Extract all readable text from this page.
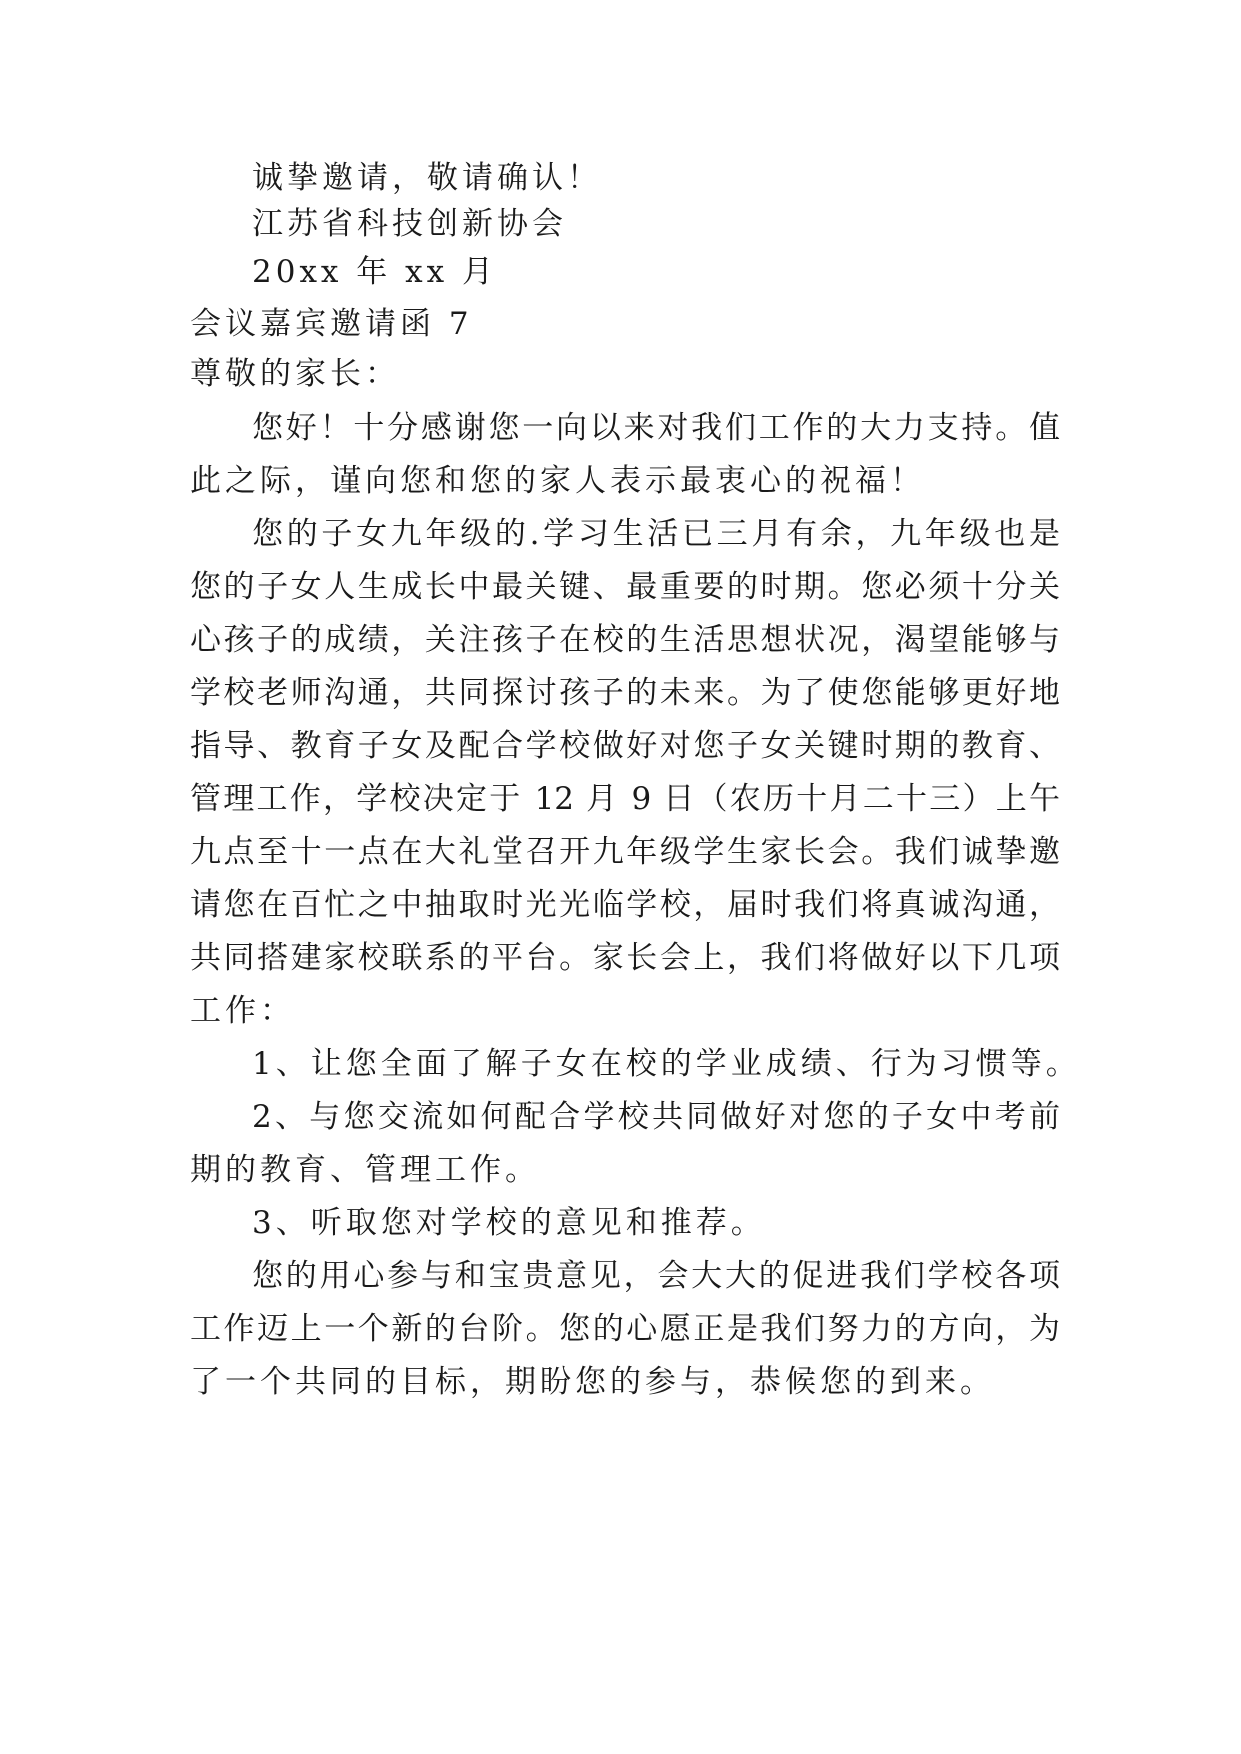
诚挚邀请，敬请确认！
江苏省科技创新协会
20xx 年 xx 月
会议嘉宾邀请函 7
尊敬的家长：
您好！十分感谢您一向以来对我们工作的大力支持。值
此之际，谨向您和您的家人表示最衷心的祝福！
您的子女九年级的.学习生活已三月有余，九年级也是
您的子女人生成长中最关键、最重要的时期。您必须十分关
心孩子的成绩，关注孩子在校的生活思想状况，渴望能够与
学校老师沟通，共同探讨孩子的未来。为了使您能够更好地
指导、教育子女及配合学校做好对您子女关键时期的教育、
管理工作，学校决定于 12 月 9 日（农历十月二十三）上午
九点至十一点在大礼堂召开九年级学生家长会。我们诚挚邀
请您在百忙之中抽取时光光临学校，届时我们将真诚沟通，
共同搭建家校联系的平台。家长会上，我们将做好以下几项
工作：
1、让您全面了解子女在校的学业成绩、行为习惯等。
2、与您交流如何配合学校共同做好对您的子女中考前
期的教育、管理工作。
3、听取您对学校的意见和推荐。
您的用心参与和宝贵意见，会大大的促进我们学校各项
工作迈上一个新的台阶。您的心愿正是我们努力的方向，为
了一个共同的目标，期盼您的参与，恭候您的到来。
